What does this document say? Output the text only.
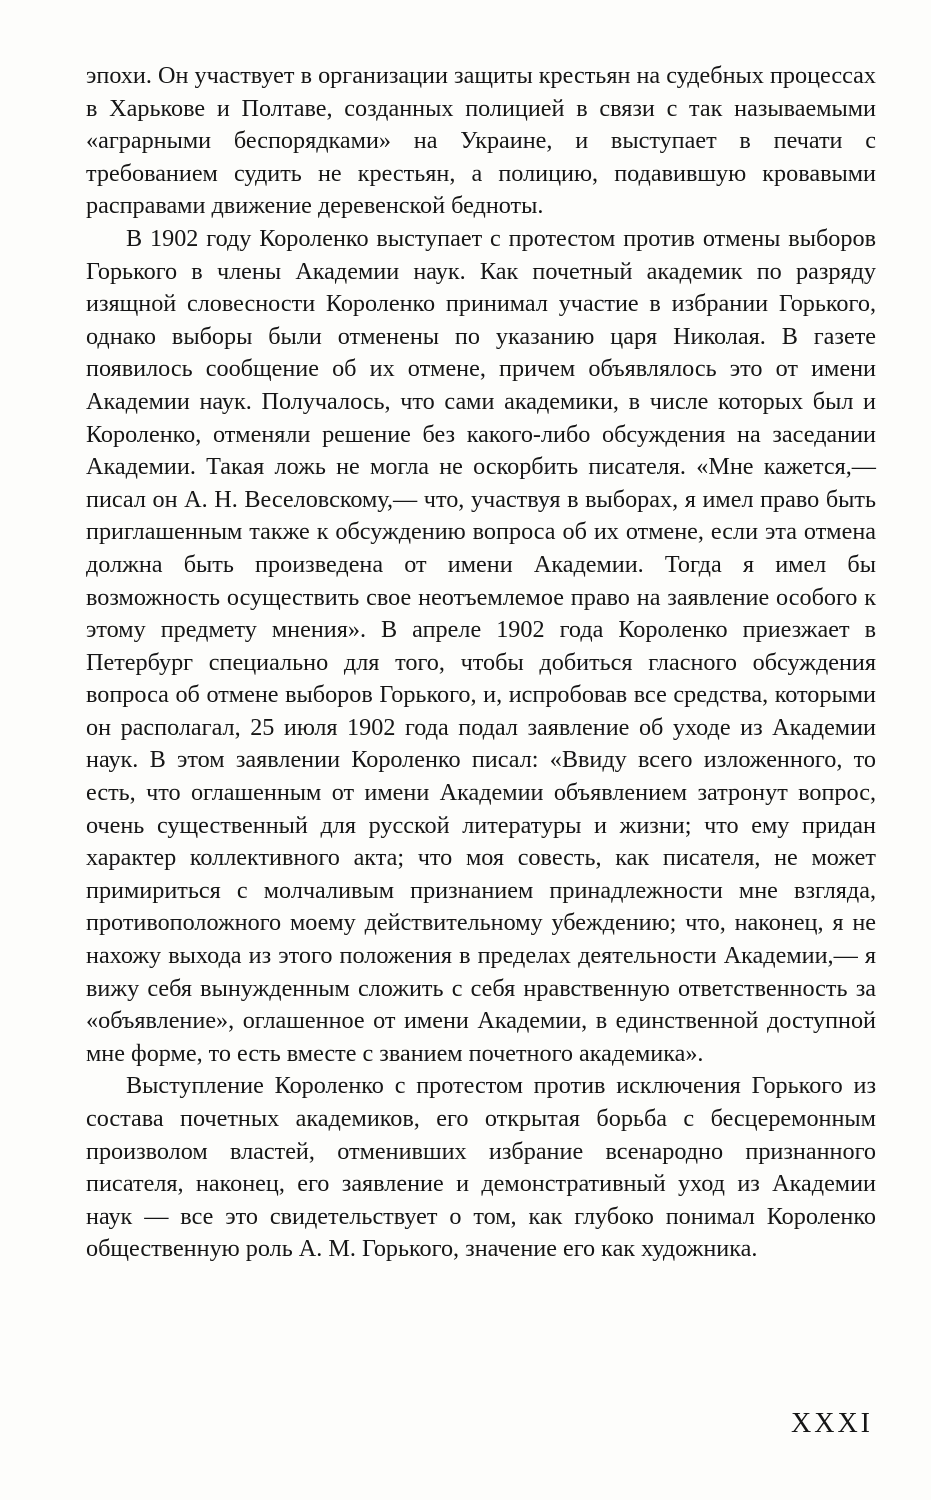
эпохи. Он участвует в организации защиты крестьян на судебных процессах в Харькове и Полтаве, созданных полицией в связи с так называемыми «аграрными беспорядками» на Украине, и выступает в печати с требованием судить не крестьян, а полицию, подавившую кровавыми расправами движение деревенской бедноты.

В 1902 году Короленко выступает с протестом против отмены выборов Горького в члены Академии наук. Как почетный академик по разряду изящной словесности Короленко принимал участие в избрании Горького, однако выборы были отменены по указанию царя Николая. В газете появилось сообщение об их отмене, причем объявлялось это от имени Академии наук. Получалось, что сами академики, в числе которых был и Короленко, отменяли решение без какого-либо обсуждения на заседании Академии. Такая ложь не могла не оскорбить писателя. «Мне кажется,— писал он А. Н. Веселовскому,— что, участвуя в выборах, я имел право быть приглашенным также к обсуждению вопроса об их отмене, если эта отмена должна быть произведена от имени Академии. Тогда я имел бы возможность осуществить свое неотъемлемое право на заявление особого к этому предмету мнения». В апреле 1902 года Короленко приезжает в Петербург специально для того, чтобы добиться гласного обсуждения вопроса об отмене выборов Горького, и, испробовав все средства, которыми он располагал, 25 июля 1902 года подал заявление об уходе из Академии наук. В этом заявлении Короленко писал: «Ввиду всего изложенного, то есть, что оглашенным от имени Академии объявлением затронут вопрос, очень существенный для русской литературы и жизни; что ему придан характер коллективного акта; что моя совесть, как писателя, не может примириться с молчаливым признанием принадлежности мне взгляда, противоположного моему действительному убеждению; что, наконец, я не нахожу выхода из этого положения в пределах деятельности Академии,— я вижу себя вынужденным сложить с себя нравственную ответственность за «объявление», оглашенное от имени Академии, в единственной доступной мне форме, то есть вместе с званием почетного академика».

Выступление Короленко с протестом против исключения Горького из состава почетных академиков, его открытая борьба с бесцеремонным произволом властей, отменивших избрание всенародно признанного писателя, наконец, его заявление и демонстративный уход из Академии наук — все это свидетельствует о том, как глубоко понимал Короленко общественную роль А. М. Горького, значение его как художника.

XXXI
